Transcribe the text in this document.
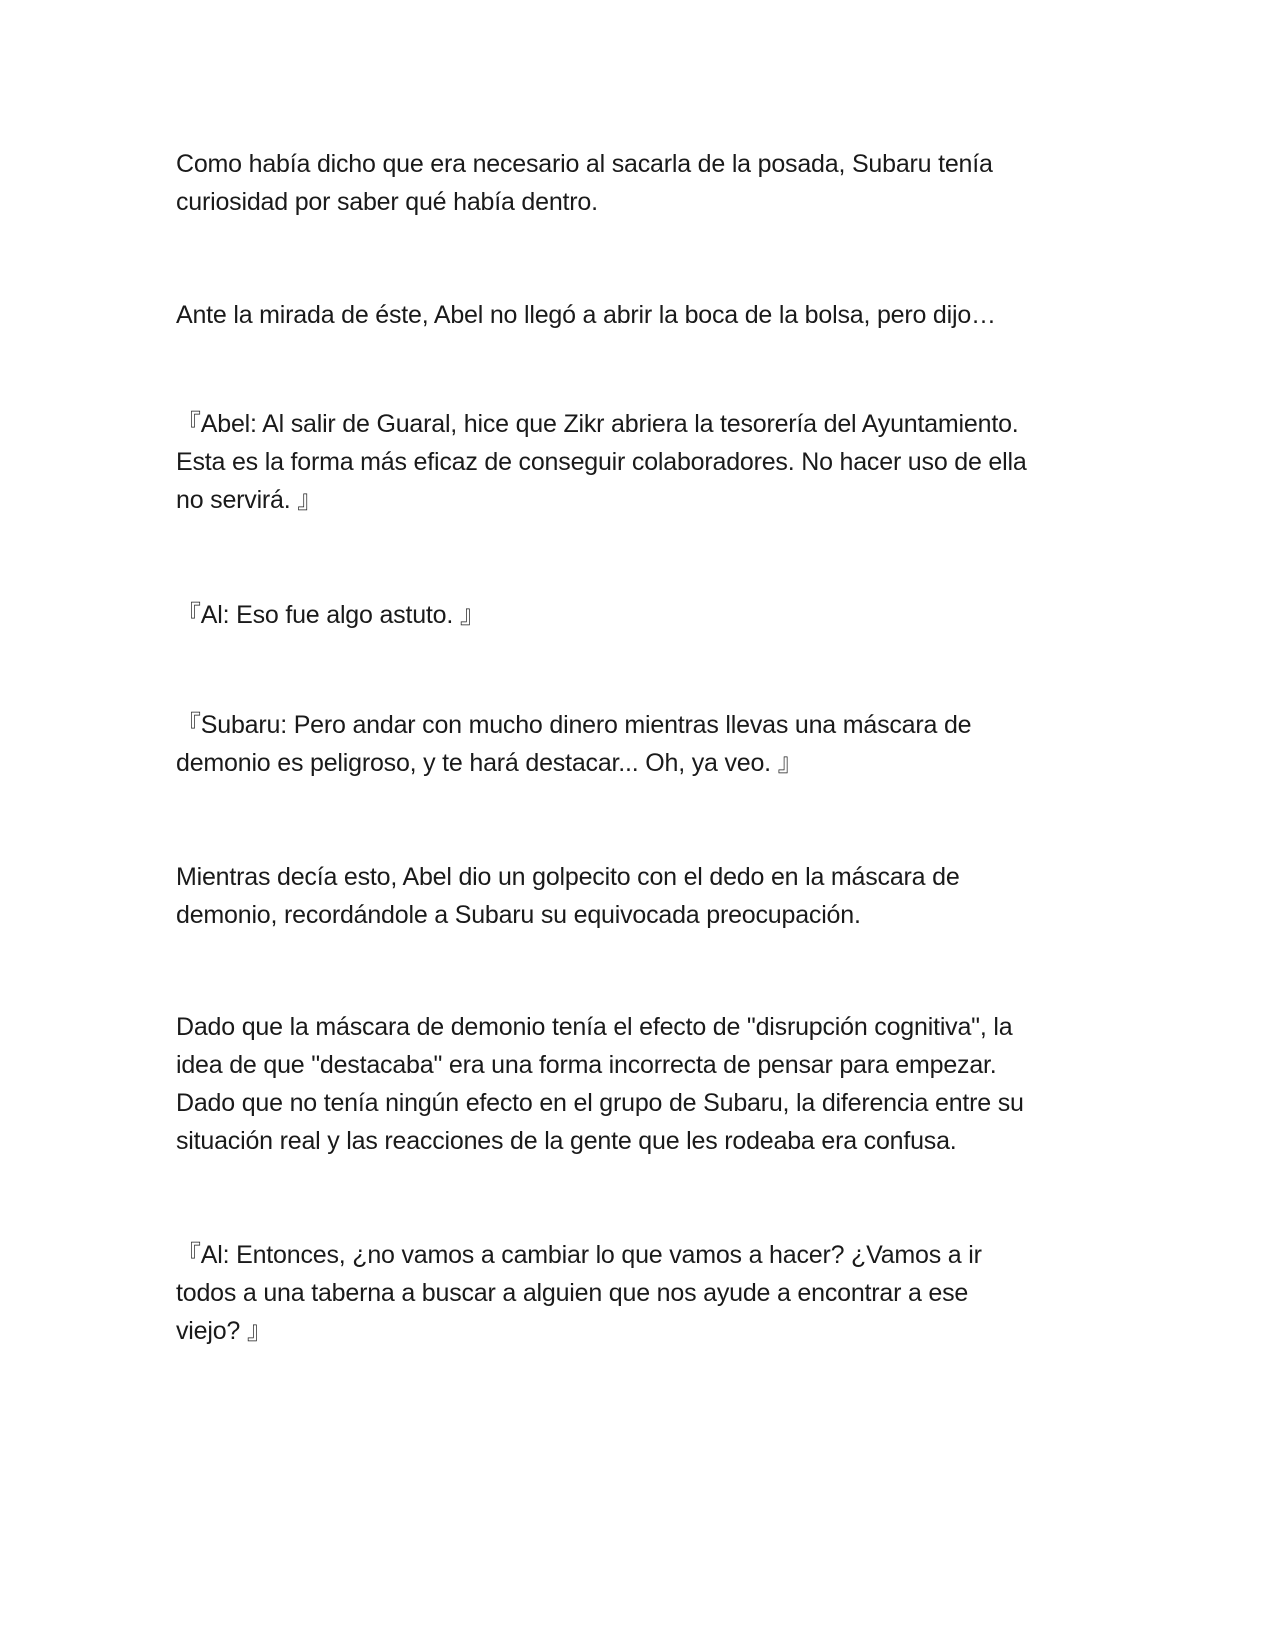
Como había dicho que era necesario al sacarla de la posada, Subaru tenía
curiosidad por saber qué había dentro.

Ante la mirada de éste, Abel no llegó a abrir la boca de la bolsa, pero dijo…

『Abel: Al salir de Guaral, hice que Zikr abriera la tesorería del Ayuntamiento.
Esta es la forma más eficaz de conseguir colaboradores. No hacer uso de ella
no servirá. 』

『Al: Eso fue algo astuto. 』

『Subaru: Pero andar con mucho dinero mientras llevas una máscara de
demonio es peligroso, y te hará destacar... Oh, ya veo. 』

Mientras decía esto, Abel dio un golpecito con el dedo en la máscara de
demonio, recordándole a Subaru su equivocada preocupación.

Dado que la máscara de demonio tenía el efecto de "disrupción cognitiva", la
idea de que "destacaba" era una forma incorrecta de pensar para empezar.
Dado que no tenía ningún efecto en el grupo de Subaru, la diferencia entre su
situación real y las reacciones de la gente que les rodeaba era confusa.

『Al: Entonces, ¿no vamos a cambiar lo que vamos a hacer? ¿Vamos a ir
todos a una taberna a buscar a alguien que nos ayude a encontrar a ese
viejo? 』
